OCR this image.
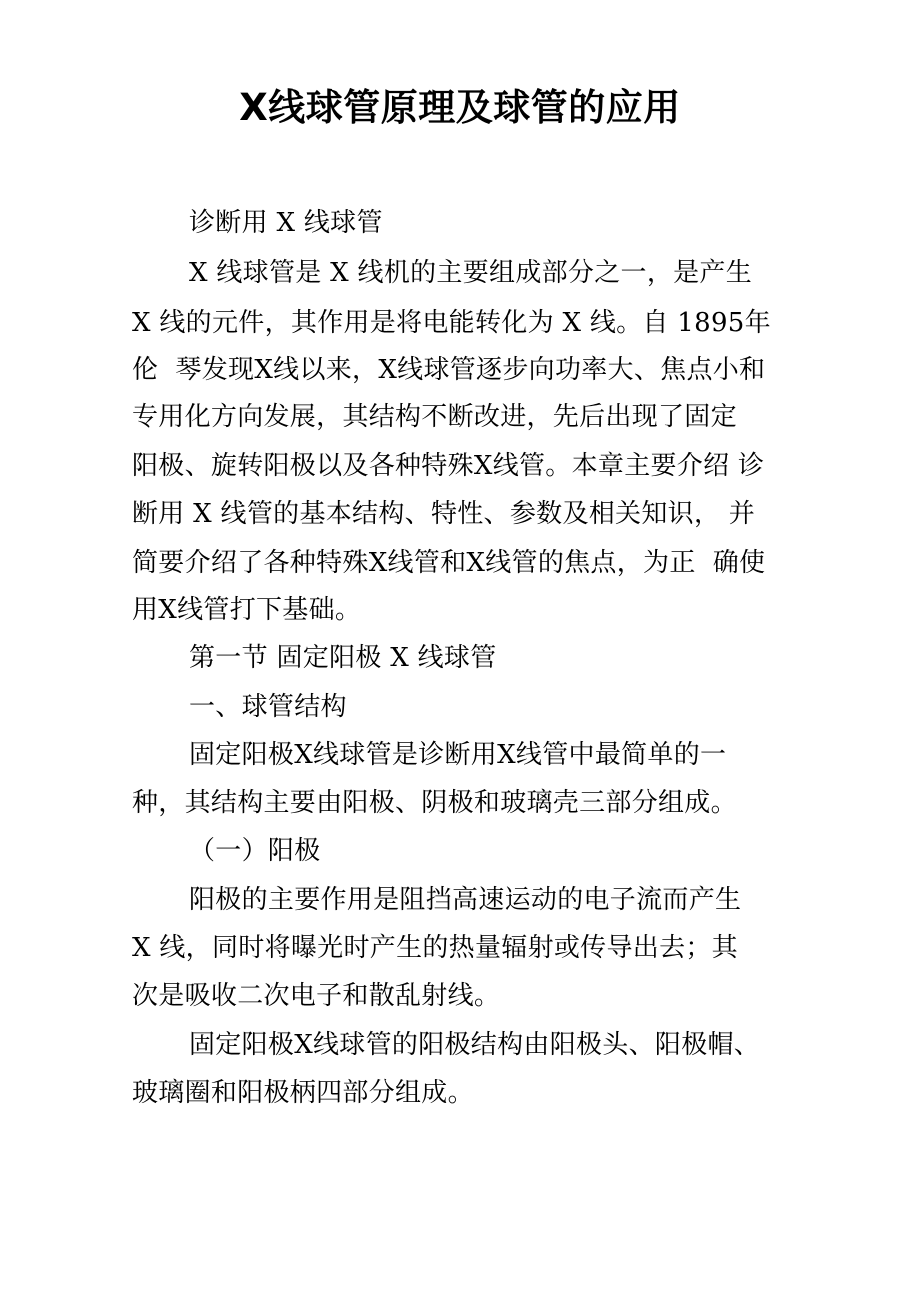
X线球管原理及球管的应用
诊断用 X 线球管
X 线球管是 X 线机的主要组成部分之一，是产生
X 线的元件，其作用是将电能转化为 X 线。自 1895年
伦  琴发现X线以来，X线球管逐步向功率大、焦点小和
专用化方向发展，其结构不断改进，先后出现了固定
阳极、旋转阳极以及各种特殊X线管。本章主要介绍 诊
断用 X 线管的基本结构、特性、参数及相关知识， 并
简要介绍了各种特殊X线管和X线管的焦点，为正  确使
用X线管打下基础。
第一节 固定阳极 X 线球管
一、球管结构
固定阳极X线球管是诊断用X线管中最简单的一
种，其结构主要由阳极、阴极和玻璃壳三部分组成。
（一）阳极
阳极的主要作用是阻挡高速运动的电子流而产生
X 线，同时将曝光时产生的热量辐射或传导出去；其
次是吸收二次电子和散乱射线。
固定阳极X线球管的阳极结构由阳极头、阳极帽、
玻璃圈和阳极柄四部分组成。
